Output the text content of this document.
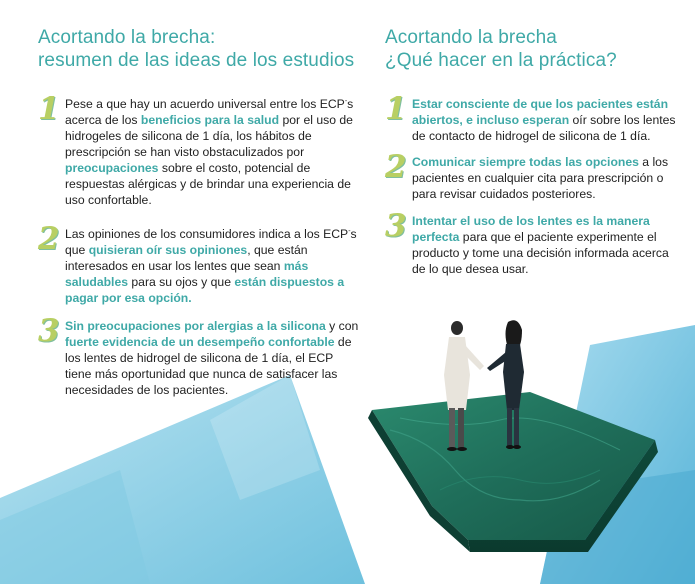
Acortando la brecha:
resumen de las ideas de los estudios
1 Pese a que hay un acuerdo universal entre los ECP-s acerca de los beneficios para la salud por el uso de hidrogeles de silicona de 1 día, los hábitos de prescripción se han visto obstaculizados por preocupaciones sobre el costo, potencial de respuestas alérgicas y de brindar una experiencia de uso confortable.
2 Las opiniones de los consumidores indica a los ECP-s que quisieran oír sus opiniones, que están interesados en usar los lentes que sean más saludables para su ojos y que están dispuestos a pagar por esa opción.
3 Sin preocupaciones por alergias a la silicona y con fuerte evidencia de un desempeño confortable de los lentes de hidrogel de silicona de 1 día, el ECP tiene más oportunidad que nunca de satisfacer las necesidades de los pacientes.
Acortando la brecha
¿Qué hacer en la práctica?
1 Estar consciente de que los pacientes están abiertos, e incluso esperan oír sobre los lentes de contacto de hidrogel de silicona de 1 día.
2 Comunicar siempre todas las opciones a los pacientes en cualquier cita para prescripción o para revisar cuidados posteriores.
3 Intentar el uso de los lentes es la manera perfecta para que el paciente experimente el producto y tome una decisión informada acerca de lo que desea usar.
